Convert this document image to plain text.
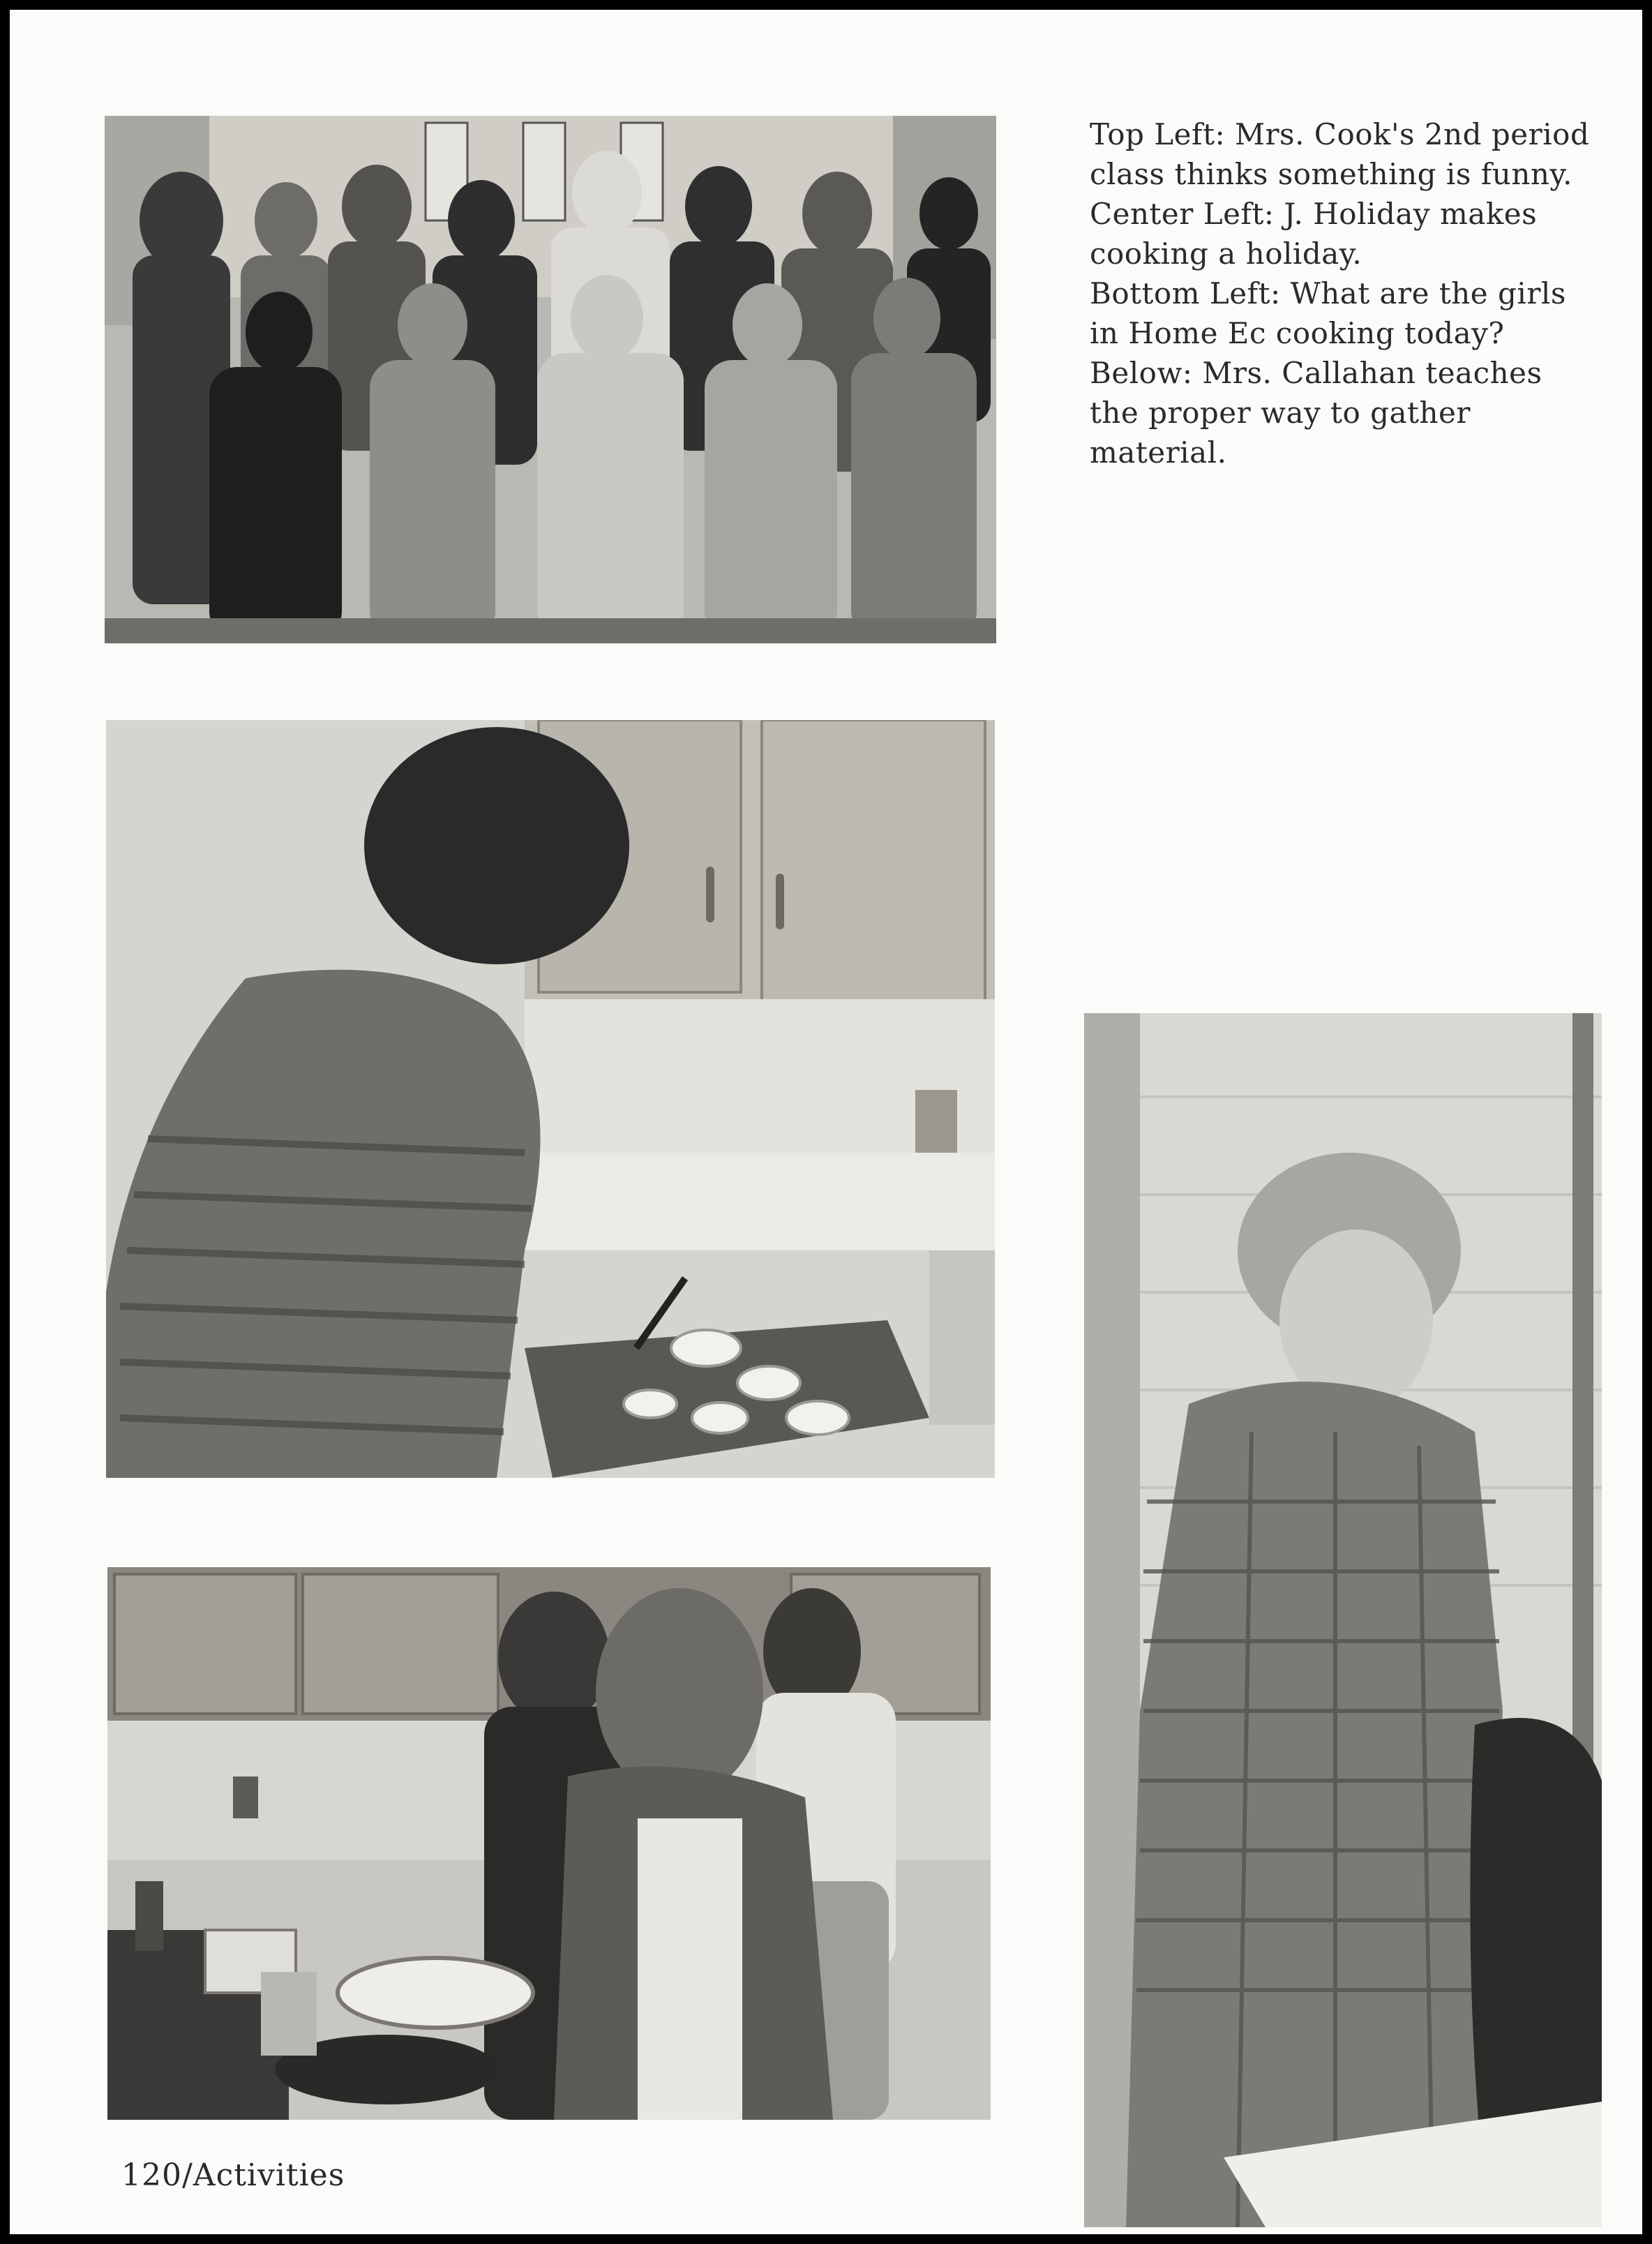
Top Left: Mrs. Cook's 2nd period class thinks something is funny.
Center Left: J. Holiday makes cooking a holiday.
Bottom Left: What are the girls in Home Ec cooking today?
Below: Mrs. Callahan teaches the proper way to gather material.
120/Activities
